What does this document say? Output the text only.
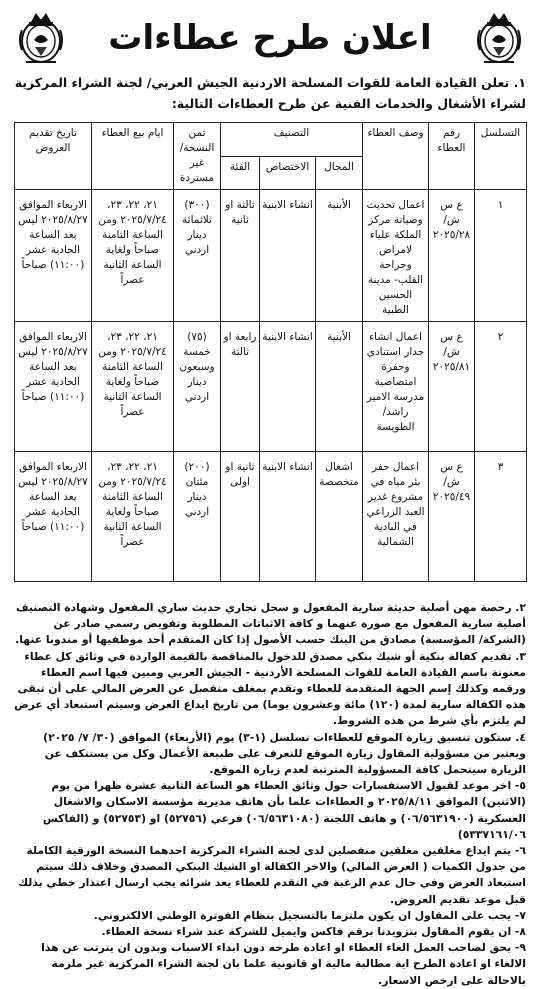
اعلان طرح عطاءات
١. تعلن القيادة العامة للقوات المسلحة الاردنية الجيش العربي/ لجنة الشراء المركزية لشراء الأشغال والخدمات الفنية عن طرح العطاءات التالية:
التسلسل	رقم العطاء	وصف العطاء	التصنيف			ثمن النسخة/ غير مستردة	ايام بيع العطاء	تاريخ تقديم العروض
			المجال	الاختصاص	الفئة			
١	ع س ش/ ٢٠٢٥/٢٨	اعمال تحديث وصيانة مركز الملكة علياء لامراض وجراحة القلب- مدينة الحسين الطبية	الأبنية	انشاء الابنية	ثالثة او ثانية	(٣٠٠) ثلاثمائة دينار اردني	٢١، ٢٢، ٢٣، ٢٠٢٥/٧/٢٤ ومن الساعة الثامنة صباحاً ولغاية الساعة الثانية عصراً	الاربعاء الموافق ٢٠٢٥/٨/٢٧ ليس بعد الساعة الحادية عشر (١١:٠٠) صباحاً
٢	ع س ش/ ٢٠٢٥/٨١	اعمال انشاء جدار استنادي وحفرة امتصاصية مدرسة الامير راشد/الطويسة	الأبنية	انشاء الابنية	رابعة او ثالثة	(٧٥) خمسة وسبعون دينار اردني	٢١، ٢٢، ٢٣، ٢٠٢٥/٧/٢٤ ومن الساعة الثامنة صباحاً ولغاية الساعة الثانية عصراً	الاربعاء الموافق ٢٠٢٥/٨/٢٧ ليس بعد الساعة الحادية عشر (١١:٠٠) صباحاً
٣	ع س ش/ ٢٠٢٥/٤٩	اعمال حفر بئر مياه في مشروع غدير العبد الزراعي في البادية الشمالية	اشغال متخصصة	انشاء الابنية	ثانية او اولى	(٢٠٠) مئتان دينار اردني	٢١، ٢٢، ٢٣، ٢٠٢٥/٧/٢٤ ومن الساعة الثامنة صباحاً ولغاية الساعة الثانية عصراً	الاربعاء الموافق ٢٠٢٥/٨/٢٧ ليس بعد الساعة الحادية عشر (١١:٠٠) صباحاً

٢. رخصة مهن أصلية حديثة سارية المفعول و سجل تجاري حديث ساري المفعول وشهادة التصنيف أصلية سارية المفعول مع صورة عنهما و كافة الاثباتات المطلوبة وتفويض رسمي صادر عن (الشركة/ المؤسسة) مصادق من البنك حسب الأصول إذا كان المتقدم أحد موظفيها أو مندوبا عنها.

٣. تقديم كفالة بنكية أو شيك بنكي مصدق للدخول بالمناقصة بالقيمة الواردة في وثائق كل عطاء معنونة باسم القيادة العامة للقوات المسلحة الأردنية - الجيش العربي ومبين فيها اسم العطاء ورقمه وكذلك إسم الجهة المتقدمة للعطاء وتقدم بمغلف منفصل عن العرض المالي على أن تبقى هذه الكفالة سارية لمدة (١٢٠) مائة وعشرون يوما) من تاريخ ايداع العرض وسيتم استبعاد أي عرض لم يلتزم بأي شرط من هذه الشروط.

٤. ستكون تنسيق زيارة الموقع للعطاءات تسلسل (١-٣) يوم (الأربعاء) الموافق (٣٠/ ٧/ ٢٠٢٥) ويعتبر من مسؤولية المقاول زيارة الموقع للتعرف على طبيعة الأعمال وكل من يستنكف عن الزيارة سيتحمل كافة المسؤولية المترتبة لعدم زيارة الموقع.

٥- اخر موعد لقبول الاستفسارات حول وثائق العطاء هو الساعة الثانية عشرة ظهرا من يوم (الاثنين) الموافق ٢٠٢٥/٨/١١ و العطاءات علما بأن هاتف مديرية مؤسسة الاسكان والاشغال العسكرية (٠٦/٥٦٣١٩٠٠) و هاتف اللجنة (٠٦/٥٦٣١٠٨٠) فرعي (٥٢٧٥٦) او (٥٢٧٥٣) و (الفاكس ٥٣٣٧١٦١/٠٦)

٦- يتم ايداع مغلفين مغلقين منفصلين لدى لجنة الشراء المركزية احدهما النسخة الورقية الكاملة من جدول الكميات ( العرض المالي) والاخر الكفالة او الشيك البنكي المصدق وخلاف ذلك سيتم استبعاد العرض وفي حال عدم الرغبة في التقدم للعطاء يعد شرائه يجب ارسال اعتذار خطي بذلك قبل موعد تقديم العروض.

٧- يجب على المقاول ان يكون ملتزما بالتسجيل بنظام الفوترة الوطني الالكتروني.

٨- ان يقوم المقاول بتزويدنا برقم فاكس وايميل للشركة عند شراء نسخة العطاء.

٩- يحق لصاحب العمل الغاء العطاء او اعادة طرحه دون ابداء الاسباب وبدون ان يترتب عن هذا الالغاء او اعادة الطرح اية مطالبة مالية او قانونية علما بان لجنة الشراء المركزية غير ملزمة بالاحالة على ارخص الاسعار.
